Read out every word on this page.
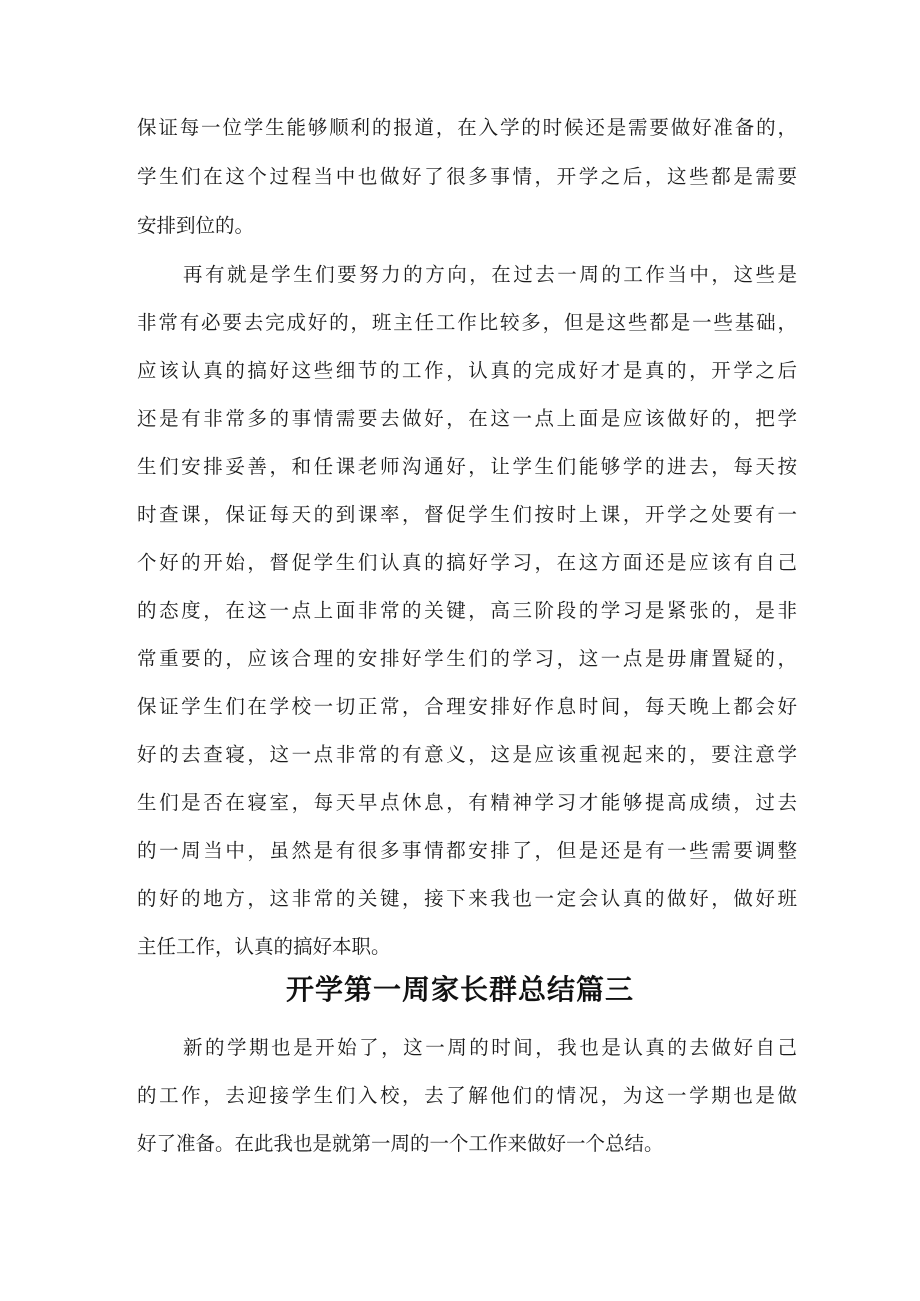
保证每一位学生能够顺利的报道，在入学的时候还是需要做好准备的，
学生们在这个过程当中也做好了很多事情，开学之后，这些都是需要
安排到位的。
再有就是学生们要努力的方向，在过去一周的工作当中，这些是
非常有必要去完成好的，班主任工作比较多，但是这些都是一些基础，
应该认真的搞好这些细节的工作，认真的完成好才是真的，开学之后
还是有非常多的事情需要去做好，在这一点上面是应该做好的，把学
生们安排妥善，和任课老师沟通好，让学生们能够学的进去，每天按
时查课，保证每天的到课率，督促学生们按时上课，开学之处要有一
个好的开始，督促学生们认真的搞好学习，在这方面还是应该有自己
的态度，在这一点上面非常的关键，高三阶段的学习是紧张的，是非
常重要的，应该合理的安排好学生们的学习，这一点是毋庸置疑的，
保证学生们在学校一切正常，合理安排好作息时间，每天晚上都会好
好的去查寝，这一点非常的有意义，这是应该重视起来的，要注意学
生们是否在寝室，每天早点休息，有精神学习才能够提高成绩，过去
的一周当中，虽然是有很多事情都安排了，但是还是有一些需要调整
的好的地方，这非常的关键，接下来我也一定会认真的做好，做好班
主任工作，认真的搞好本职。
开学第一周家长群总结篇三
新的学期也是开始了，这一周的时间，我也是认真的去做好自己
的工作，去迎接学生们入校，去了解他们的情况，为这一学期也是做
好了准备。在此我也是就第一周的一个工作来做好一个总结。
